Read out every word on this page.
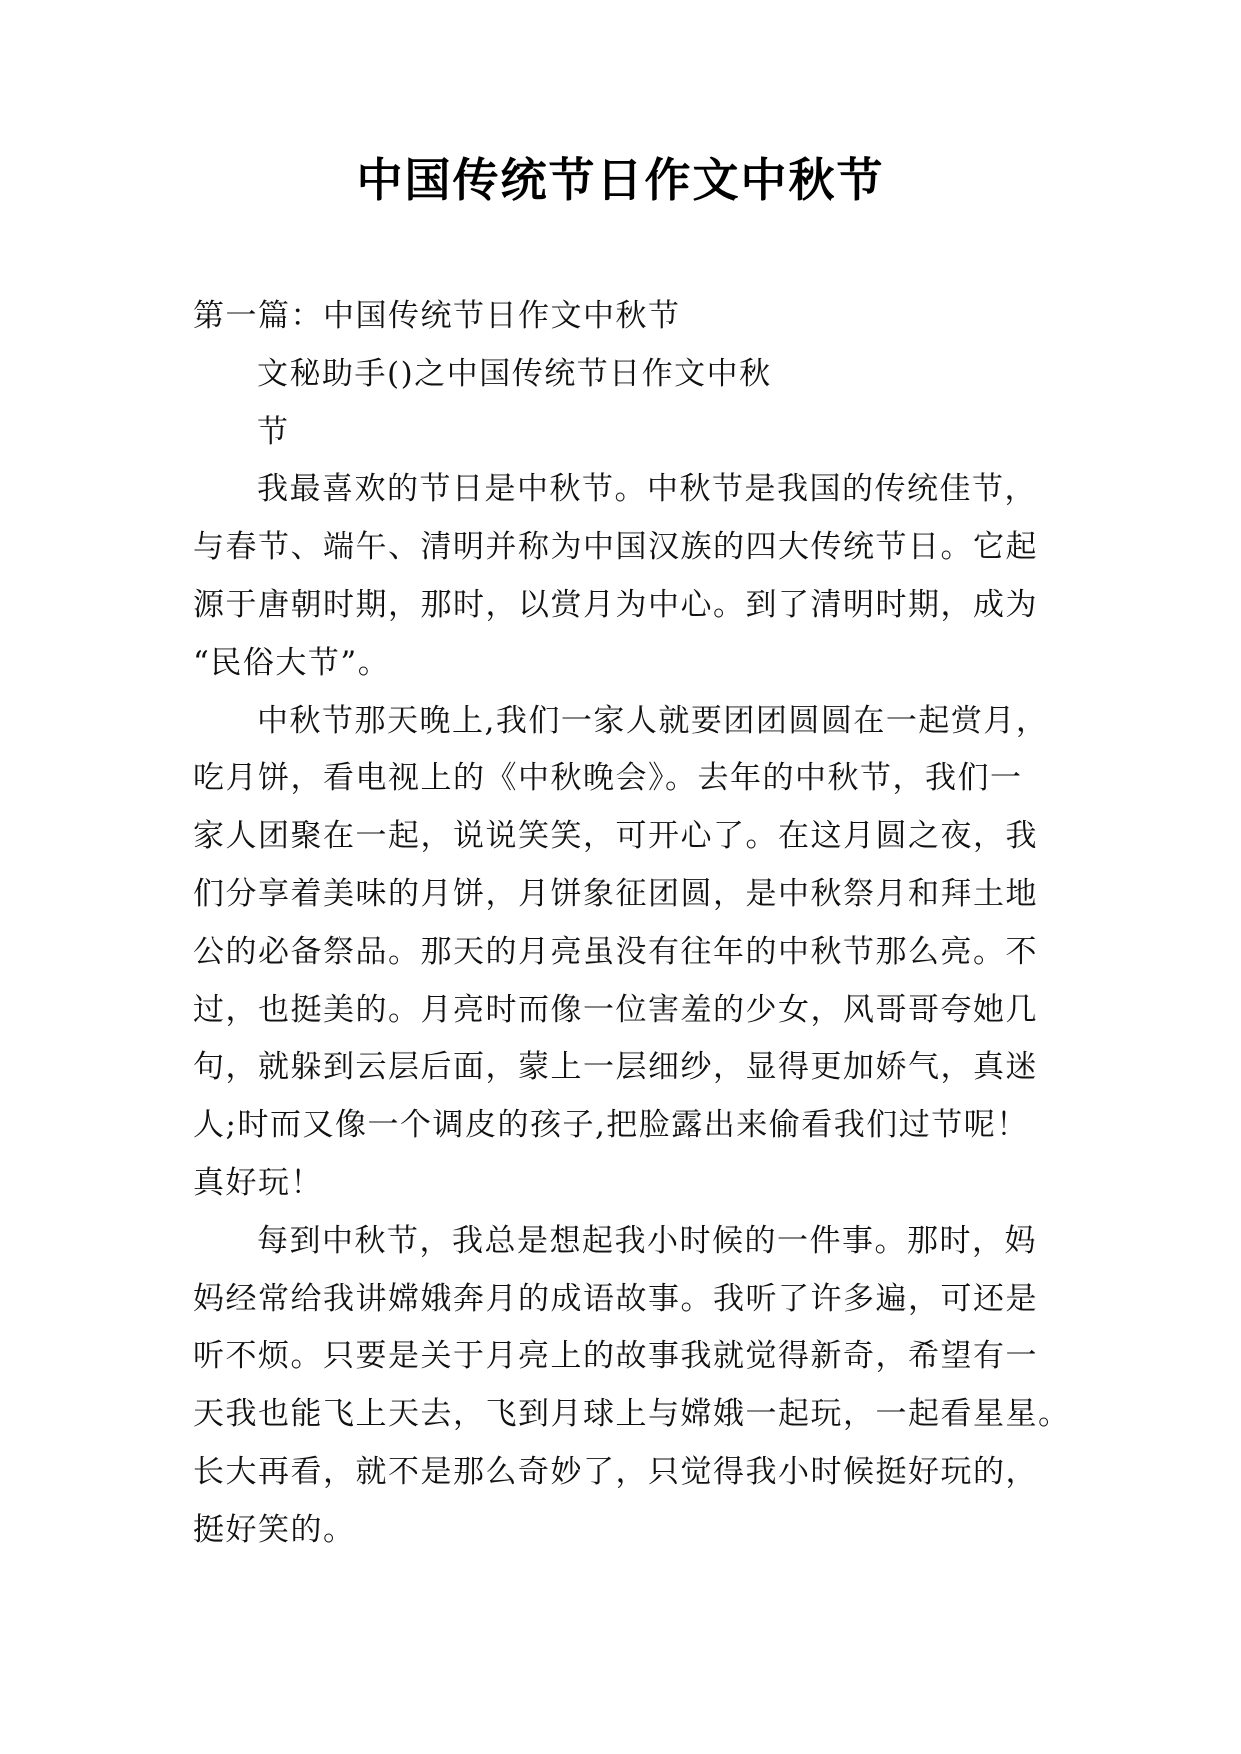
中国传统节日作文中秋节
第一篇：中国传统节日作文中秋节
文秘助手()之中国传统节日作文中秋
节
我最喜欢的节日是中秋节。中秋节是我国的传统佳节，
与春节、端午、清明并称为中国汉族的四大传统节日。它起
源于唐朝时期，那时，以赏月为中心。到了清明时期，成为
“民俗大节”。
中秋节那天晚上,我们一家人就要团团圆圆在一起赏月，
吃月饼，看电视上的《中秋晚会》。去年的中秋节，我们一
家人团聚在一起，说说笑笑，可开心了。在这月圆之夜，我
们分享着美味的月饼，月饼象征团圆，是中秋祭月和拜土地
公的必备祭品。那天的月亮虽没有往年的中秋节那么亮。不
过，也挺美的。月亮时而像一位害羞的少女，风哥哥夸她几
句，就躲到云层后面，蒙上一层细纱，显得更加娇气，真迷
人;时而又像一个调皮的孩子,把脸露出来偷看我们过节呢！
真好玩！
每到中秋节，我总是想起我小时候的一件事。那时，妈
妈经常给我讲嫦娥奔月的成语故事。我听了许多遍，可还是
听不烦。只要是关于月亮上的故事我就觉得新奇，希望有一
天我也能飞上天去，飞到月球上与嫦娥一起玩，一起看星星。
长大再看，就不是那么奇妙了，只觉得我小时候挺好玩的，
挺好笑的。
